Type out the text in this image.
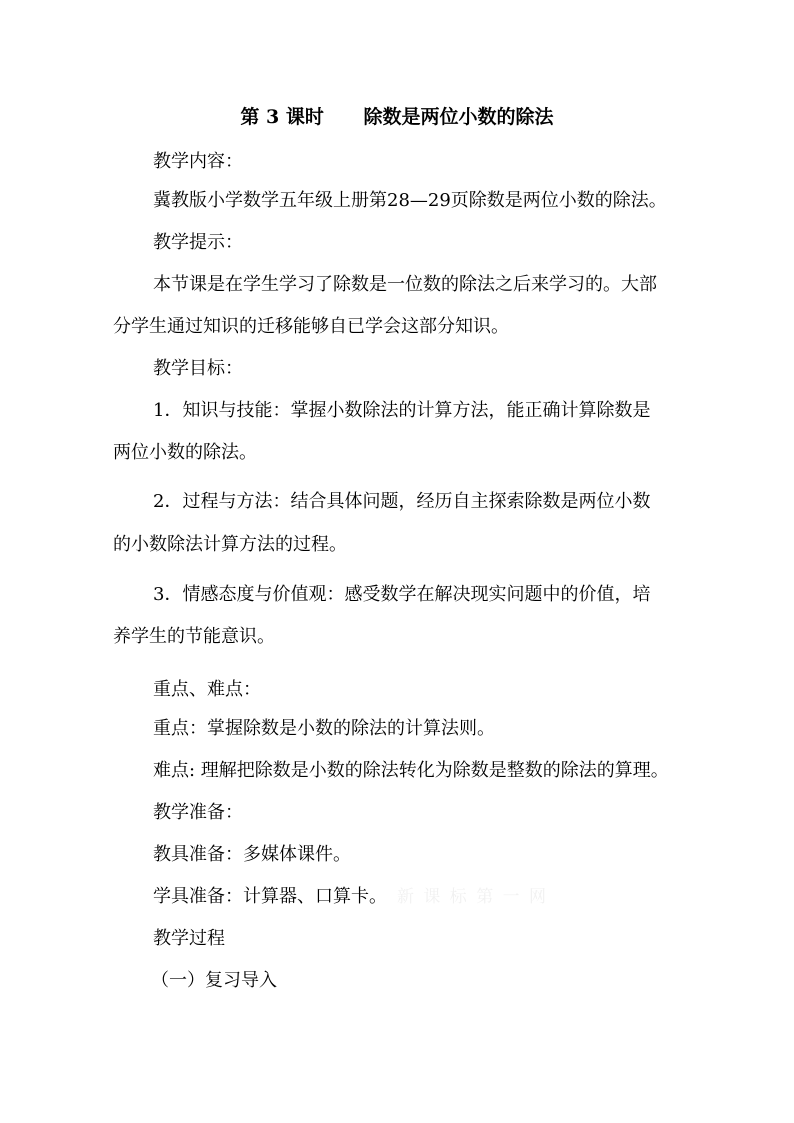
第 3 课时      除数是两位小数的除法
教学内容：
冀教版小学数学五年级上册第28—29页除数是两位小数的除法。
教学提示：
本节课是在学生学习了除数是一位数的除法之后来学习的。大部
分学生通过知识的迁移能够自已学会这部分知识。
教学目标：
1．知识与技能：掌握小数除法的计算方法，能正确计算除数是
两位小数的除法。
2．过程与方法：结合具体问题，经历自主探索除数是两位小数
的小数除法计算方法的过程。
3．情感态度与价值观：感受数学在解决现实问题中的价值，培
养学生的节能意识。
重点、难点：
重点：掌握除数是小数的除法的计算法则。
难点: 理解把除数是小数的除法转化为除数是整数的除法的算理。
教学准备：
教具准备：多媒体课件。
学具准备：计算器、口算卡。 新 课 标 第 一 网
教学过程
（一）复习导入
